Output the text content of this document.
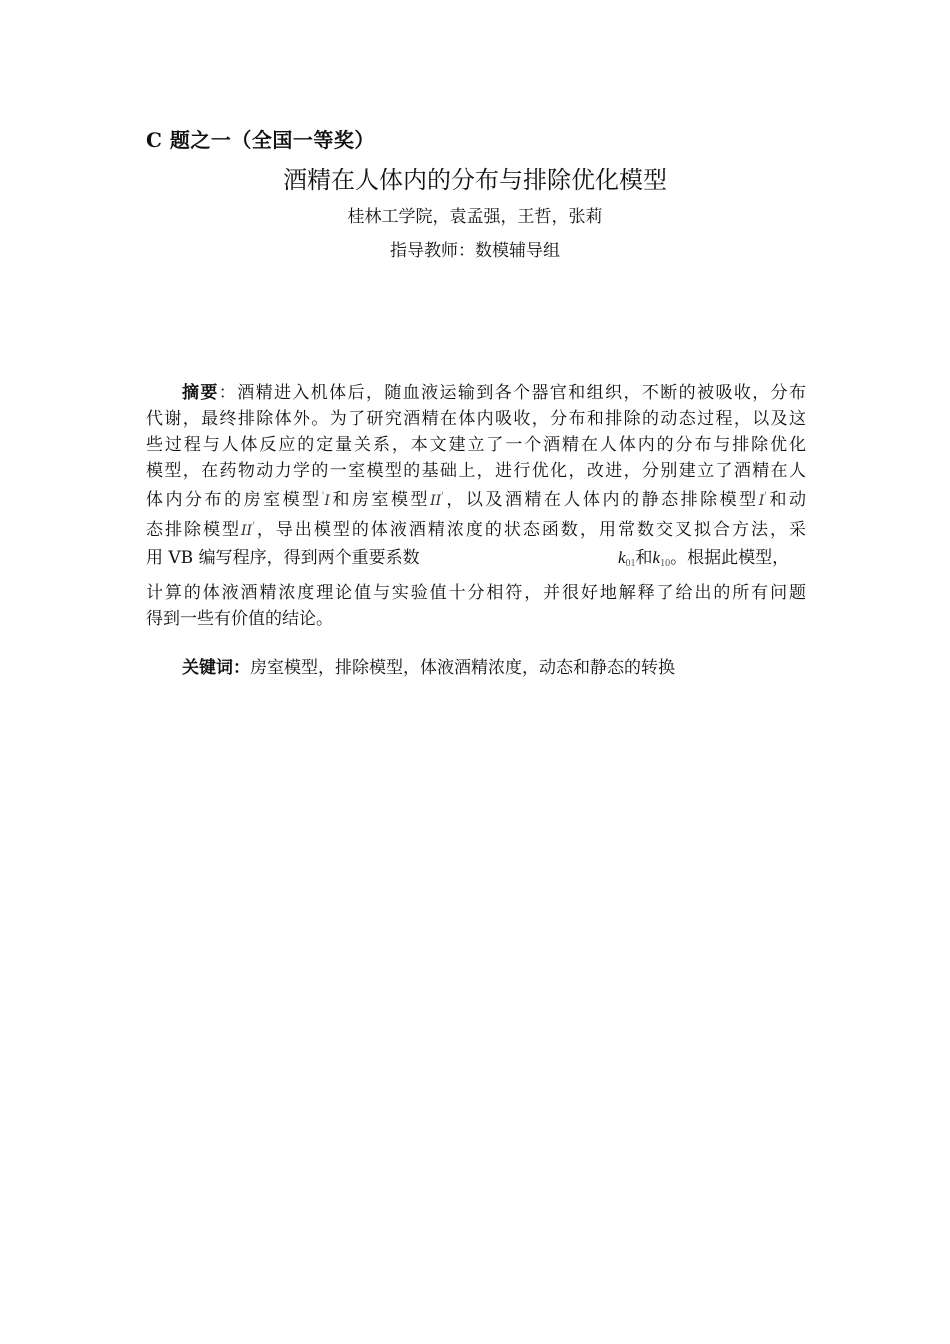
C 题之一（全国一等奖）
酒精在人体内的分布与排除优化模型
桂林工学院，袁孟强，王哲，张莉
指导教师：数模辅导组
摘要：酒精进入机体后，随血液运输到各个器官和组织，不断的被吸收，分布
代谢，最终排除体外。为了研究酒精在体内吸收，分布和排除的动态过程，以及这
些过程与人体反应的定量关系，本文建立了一个酒精在人体内的分布与排除优化
模型，在药物动力学的一室模型的基础上，进行优化，改进，分别建立了酒精在人
体内分布的房室模型'I和房室模型II'，以及酒精在人体内的静态排除模型I'和动
态排除模型II'，导出模型的体液酒精浓度的状态函数，用常数交叉拟合方法，采
用 VB 编写程序，得到两个重要系数	$k_{01}$和$k_{10}$。根据此模型，
计算的体液酒精浓度理论值与实验值十分相符，并很好地解释了给出的所有问题
得到一些有价值的结论。
关键词：房室模型，排除模型，体液酒精浓度，动态和静态的转换
